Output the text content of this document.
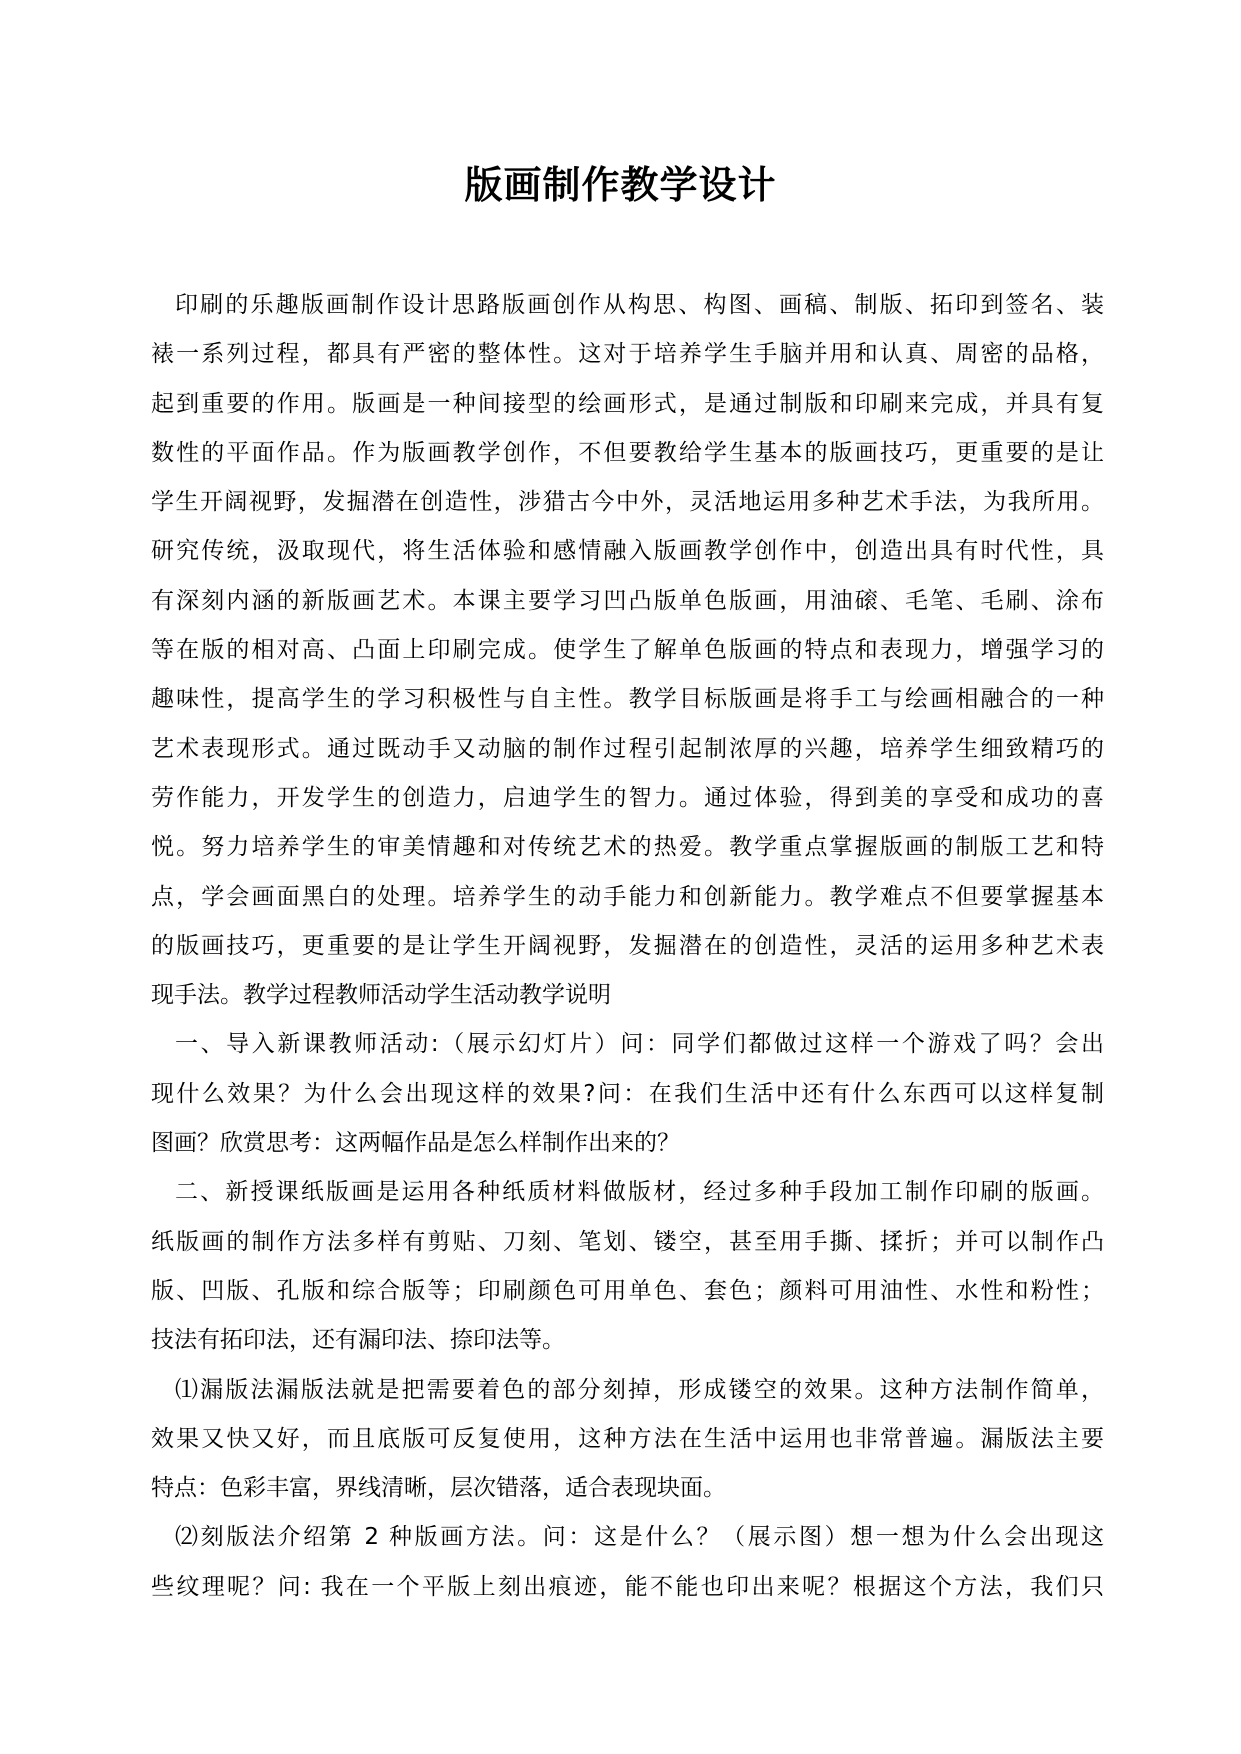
版画制作教学设计
印刷的乐趣版画制作设计思路版画创作从构思、构图、画稿、制版、拓印到签名、装
裱一系列过程，都具有严密的整体性。这对于培养学生手脑并用和认真、周密的品格，
起到重要的作用。版画是一种间接型的绘画形式，是通过制版和印刷来完成，并具有复
数性的平面作品。作为版画教学创作，不但要教给学生基本的版画技巧，更重要的是让
学生开阔视野，发掘潜在创造性，涉猎古今中外，灵活地运用多种艺术手法，为我所用。
研究传统，汲取现代，将生活体验和感情融入版画教学创作中，创造出具有时代性，具
有深刻内涵的新版画艺术。本课主要学习凹凸版单色版画，用油磙、毛笔、毛刷、涂布
等在版的相对高、凸面上印刷完成。使学生了解单色版画的特点和表现力，增强学习的
趣味性，提高学生的学习积极性与自主性。教学目标版画是将手工与绘画相融合的一种
艺术表现形式。通过既动手又动脑的制作过程引起制浓厚的兴趣，培养学生细致精巧的
劳作能力，开发学生的创造力，启迪学生的智力。通过体验，得到美的享受和成功的喜
悦。努力培养学生的审美情趣和对传统艺术的热爱。教学重点掌握版画的制版工艺和特
点，学会画面黑白的处理。培养学生的动手能力和创新能力。教学难点不但要掌握基本
的版画技巧，更重要的是让学生开阔视野，发掘潜在的创造性，灵活的运用多种艺术表
现手法。教学过程教师活动学生活动教学说明
一、导入新课教师活动:（展示幻灯片）问：同学们都做过这样一个游戏了吗？会出
现什么效果？为什么会出现这样的效果?问：在我们生活中还有什么东西可以这样复制
图画？欣赏思考：这两幅作品是怎么样制作出来的？
二、新授课纸版画是运用各种纸质材料做版材，经过多种手段加工制作印刷的版画。
纸版画的制作方法多样有剪贴、刀刻、笔划、镂空，甚至用手撕、揉折；并可以制作凸
版、凹版、孔版和综合版等；印刷颜色可用单色、套色；颜料可用油性、水性和粉性；
技法有拓印法，还有漏印法、捺印法等。
⑴漏版法漏版法就是把需要着色的部分刻掉，形成镂空的效果。这种方法制作简单，
效果又快又好，而且底版可反复使用，这种方法在生活中运用也非常普遍。漏版法主要
特点：色彩丰富，界线清晰，层次错落，适合表现块面。
⑵刻版法介绍第 2 种版画方法。问：这是什么？（展示图）想一想为什么会出现这
些纹理呢？问: 我在一个平版上刻出痕迹，能不能也印出来呢？根据这个方法，我们只
